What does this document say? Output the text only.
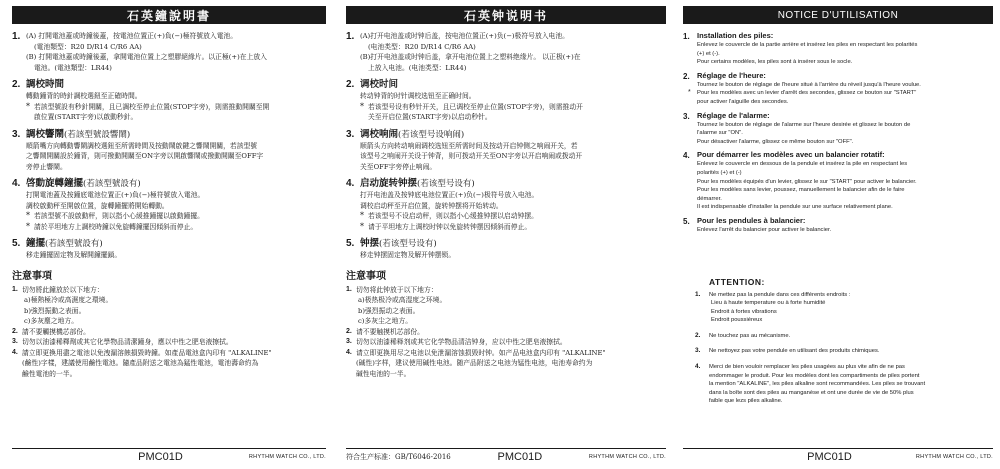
石英鐘說明書
1. (A) 打開電池蓋或時鐘後蓋，按電池位置正(+)負(−)極符號放入電池。
(電池類型：R20 D/R14 C/R6 AA)
(B) 打開電池蓋或時鐘後蓋，拿開電池位置上之塑膠絕緣片。以正極(+)在上放入
電池。(電池類型：LR44)
2. 調校時間
轉動鐘背的時針調校選鈕至正確時間。
* 若該型號設有秒針開關，且已調校至停止位置(STOP字旁)，則需推動開關至開
啟位置(START字旁)以啟動秒針。
3. 調校響鬧(若該型號設響鬧)
順箭嘴方向轉動響鬧調校選鈕至所需時間及按動鬧啟鍵之響鬧開關，若該型號
之響鬧開關設於鐘背，則可撥動開關至ON字旁以開啟響鬧或撥動開關至OFF字
旁停止響鬧。
4. 啓動旋轉鐘擺(若該型號設有)
打開電池蓋及按鐘底電池位置正(+)負(−)極符號放入電池。
調校啟動秤至開啟位置，旋轉鐘擺將開始轉動。
* 若該型號不設啟動秤，則以指小心緩推鐘擺以啟動鐘擺。
* 請於平坦地方上調校時鐘以免旋轉鐘擺因傾斜而停止。
5. 鐘擺(若該型號設有)
移走鐘擺固定物及解開鐘擺鎖。
注意事項
1. 切勿將此鐘放於以下地方：
a)極熱極冷或高濕度之環境。
b)強烈振動之表面。
c)多灰塵之地方。
2. 請不要觸摸機芯部份。
3. 切勿以油漆稀釋劑或其它化學物品清潔鐘身，應以中性之肥皂液擦拭。
4. 請立即更換用盡之電池以免洩漏溶蝕損毀時鐘。如產品電池盒內印有 "ALKALINE"
(鹼性)字樣，建議使用鹼性電池。隨產品附送之電池為錳性電池，電池壽命約為
鹼性電池的一半。
PMC01D	RHYTHM WATCH CO., LTD.
石英钟说明书
1. (A)打开电池盖或时钟后盖，按电池位置正(+)负(−)极符号放入电池。
(电池类型：R20 D/R14 C/R6 AA)
(B)打开电池盖或时钟后盖，拿开电池位置上之塑料绝缘片。 以正极(+)在
上放入电池。(电池类型：LR44)
2. 调校时间
转动钟背的时针调校选钮至正确时间。
* 若该型号设有秒针开关，且已调校至停止位置(STOP字旁)，则需推动开
关至开启位置(START字旁)以启动秒针。
3. 调校响闹(若该型号设响闹)
顺箭头方向转动响闹调校选钮至所需时间及按动开启钟侧之响闹开关，若
该型号之响闹开关设于钟背，则可拨动开关至ON字旁以开启响闹或拨动开
关至OFF字旁停止响闹。
4. 启动旋转钟摆(若该型号设有)
打开电池盖及按钟底电池位置正(+)负(−)极符号放入电池。
调校启动秤至开启位置，旋转钟摆将开始转动。
* 若该型号不设启动秤，则以指小心缓推钟摆以启动钟摆。
* 请于平坦地方上调校时钟以免旋转钟摆因倾斜而停止。
5. 钟摆(若该型号设有)
移走钟摆固定物及解开钟摆锁。
注意事项
1. 切勿将此钟放于以下地方：
a)极热极冷或高湿度之环境。
b)强烈振动之表面。
c)多灰尘之地方。
2. 请不要触摸机芯部份。
3. 切勿以油漆稀释剂或其它化学物品清洁钟身，应以中性之肥皂液擦拭。
4. 请立即更换用尽之电池以免泄漏溶蚀损毁时钟。如产品电池盒内印有 "ALKALINE"
(碱性)字样，建议使用碱性电池。随产品附送之电池为锰性电池，电池寿命约为
碱性电池的一半。
符合生产标准：GB/T6046-2016	PMC01D	RHYTHM WATCH CO., LTD.
NOTICE D'UTILISATION
1. Installation des piles:
Enlevez le couvercle de la partie arrière et insérez les piles en respectant les polarités
(+) et (-).
Pour certains modèles, les piles sont à insérer sous le socle.
2. Réglage de l'heure:
Tournez le bouton de réglage de l'heure situé à l'arrière du réveil jusqu'à l'heure voulue.
* Pour les modèles avec un levier d'arrêt des secondes, glissez ce bouton sur "START"
pour activer l'aiguille des secondes.
3. Réglage de l'alarme:
Tournez le bouton de réglage de l'alarme sur l'heure desirée et glissez le bouton de
l'alarme sur "ON".
Pour désactiver l'alarme, glissez ce même bouton sur "OFF".
4. Pour démarrer les modèles avec un balancier rotatif:
Enlevez le couvercle en dessous de la pendule et insérez la pile en respectant les
polarités (+) et (-)
Pour les modèles équipés d'un levier, glissez le sur "START" pour activer le balancier.
Pour les modèles sans levier, poussez, manuellement le balancier afin de le faire
démarrer.
Il est indispensable d'installer la pendule sur une surface relativement plane.
5. Pour les pendules à balancier:
Enlevez l'arrêt du balancier pour activer le balancier.
ATTENTION:
1. Ne mettez pas la pendule dans ces différents endroits :
Lieu à haute temperature ou à forte humidité
Endroit à fortes vibrations
Endroit poussiéreux
2. Ne touchez pas au mécanisme.
3. Ne nettoyez pas votre pendule en utilisant des produits chimiques.
4. Merci de bien vouloir remplacer les piles usagées au plus vite afin de ne pas
endommager le produit. Pour les modèles dont les compartiments de piles portent
la mention "ALKALINE", les piles alkaline sont recommandées. Les piles se trouvant
dans la boîte sont des piles au manganèse et ont une durée de vie de 50% plus
faible que lezs piles alkaline.
PMC01D	RHYTHM WATCH CO., LTD.
